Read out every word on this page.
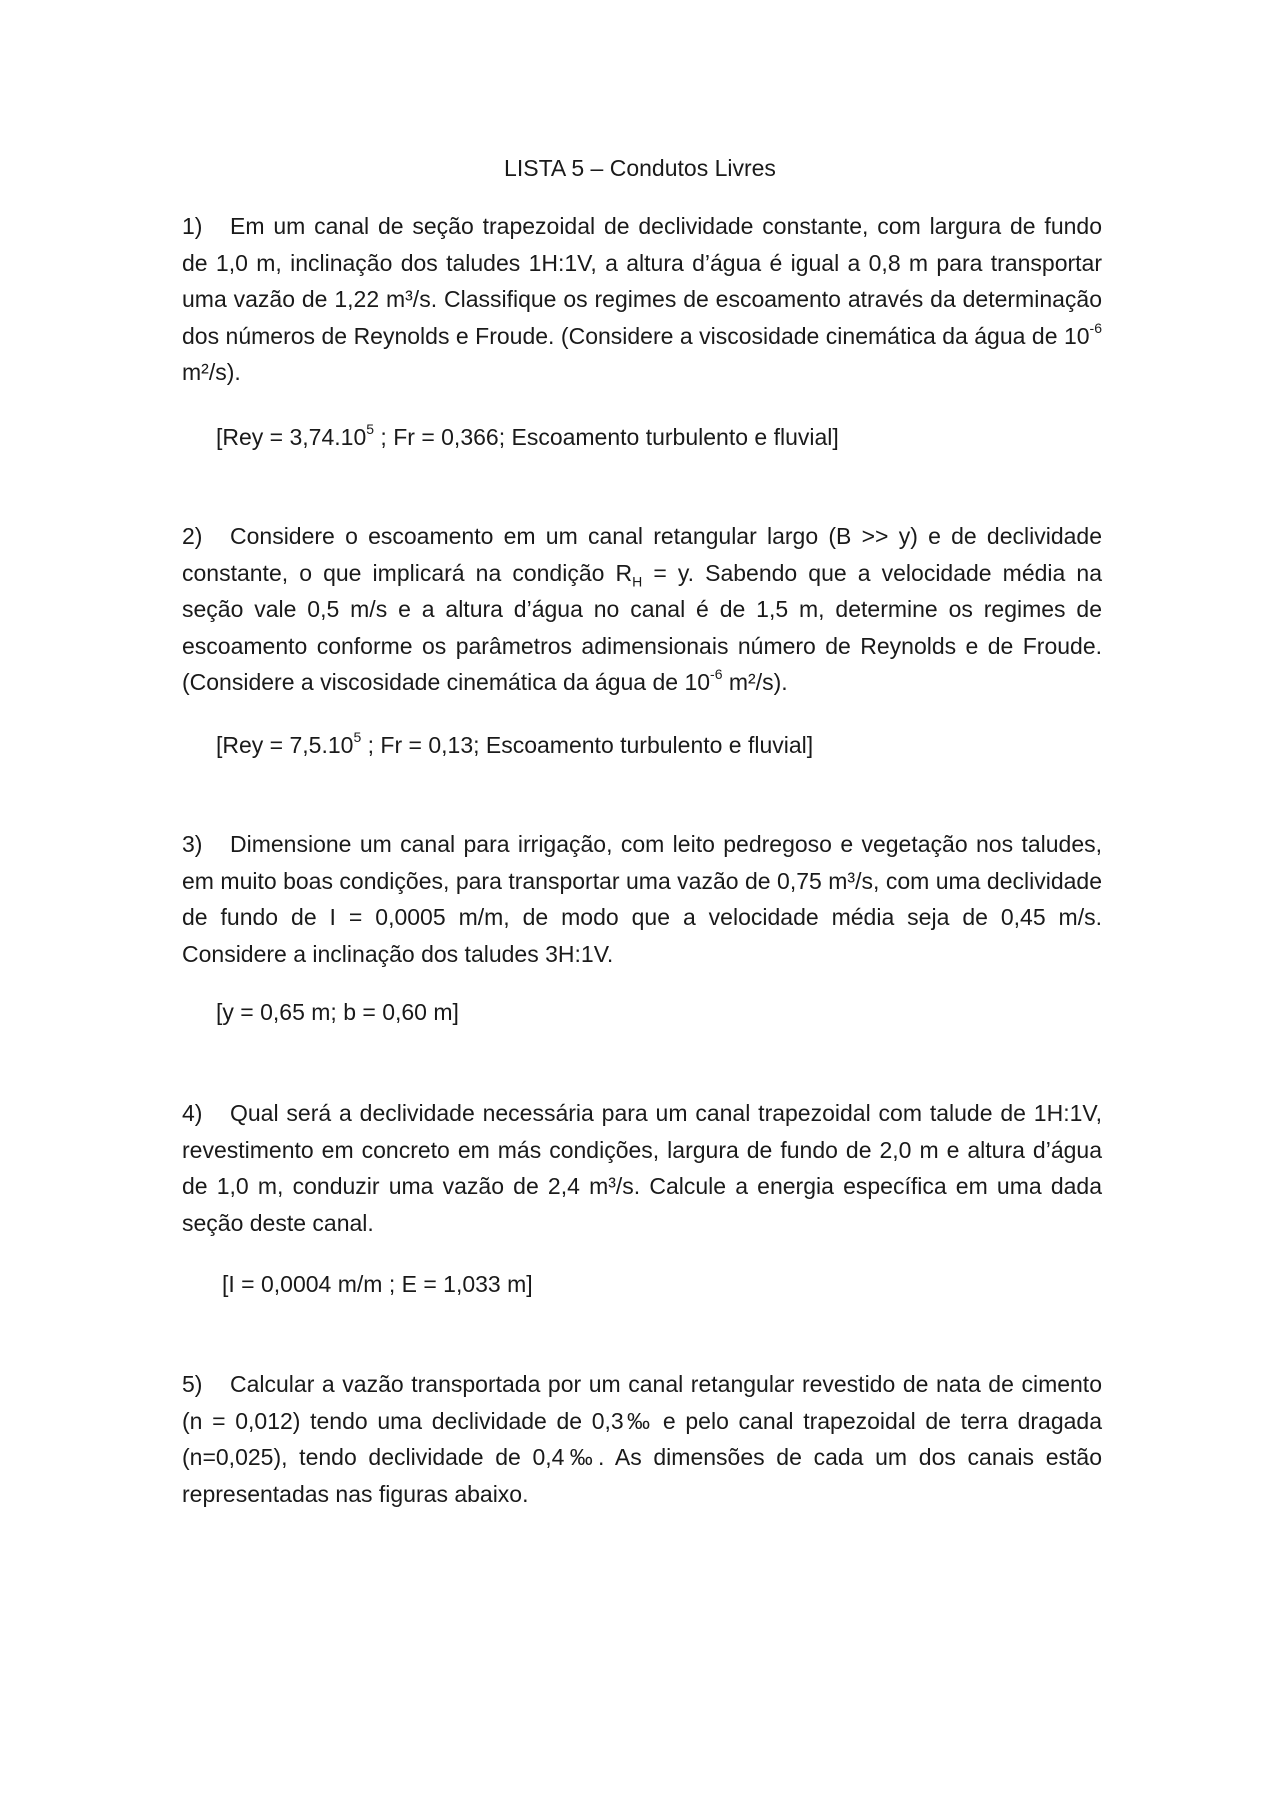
LISTA 5 – Condutos Livres
1) Em um canal de seção trapezoidal de declividade constante, com largura de fundo de 1,0 m, inclinação dos taludes 1H:1V, a altura d’água é igual a 0,8 m para transportar uma vazão de 1,22 m³/s. Classifique os regimes de escoamento através da determinação dos números de Reynolds e Froude. (Considere a viscosidade cinemática da água de $10^{-6}$ m²/s).
[$Rey = 3,74.10^5$ ; Fr = 0,366; Escoamento turbulento e fluvial]
2) Considere o escoamento em um canal retangular largo (B >> y) e de declividade constante, o que implicará na condição $R_H = y$. Sabendo que a velocidade média na seção vale 0,5 m/s e a altura d’água no canal é de 1,5 m, determine os regimes de escoamento conforme os parâmetros adimensionais número de Reynolds e de Froude. (Considere a viscosidade cinemática da água de $10^{-6}$ m²/s).
[$Rey = 7,5.10^5$ ; Fr = 0,13; Escoamento turbulento e fluvial]
3) Dimensione um canal para irrigação, com leito pedregoso e vegetação nos taludes, em muito boas condições, para transportar uma vazão de 0,75 m³/s, com uma declividade de fundo de I = 0,0005 m/m, de modo que a velocidade média seja de 0,45 m/s. Considere a inclinação dos taludes 3H:1V.
[y = 0,65 m; b = 0,60 m]
4) Qual será a declividade necessária para um canal trapezoidal com talude de 1H:1V, revestimento em concreto em más condições, largura de fundo de 2,0 m e altura d’água de 1,0 m, conduzir uma vazão de 2,4 m³/s. Calcule a energia específica em uma dada seção deste canal.
[I = 0,0004 m/m ; E = 1,033 m]
5) Calcular a vazão transportada por um canal retangular revestido de nata de cimento (n = 0,012) tendo uma declividade de 0,3‰ e pelo canal trapezoidal de terra dragada (n=0,025), tendo declividade de 0,4‰. As dimensões de cada um dos canais estão representadas nas figuras abaixo.
